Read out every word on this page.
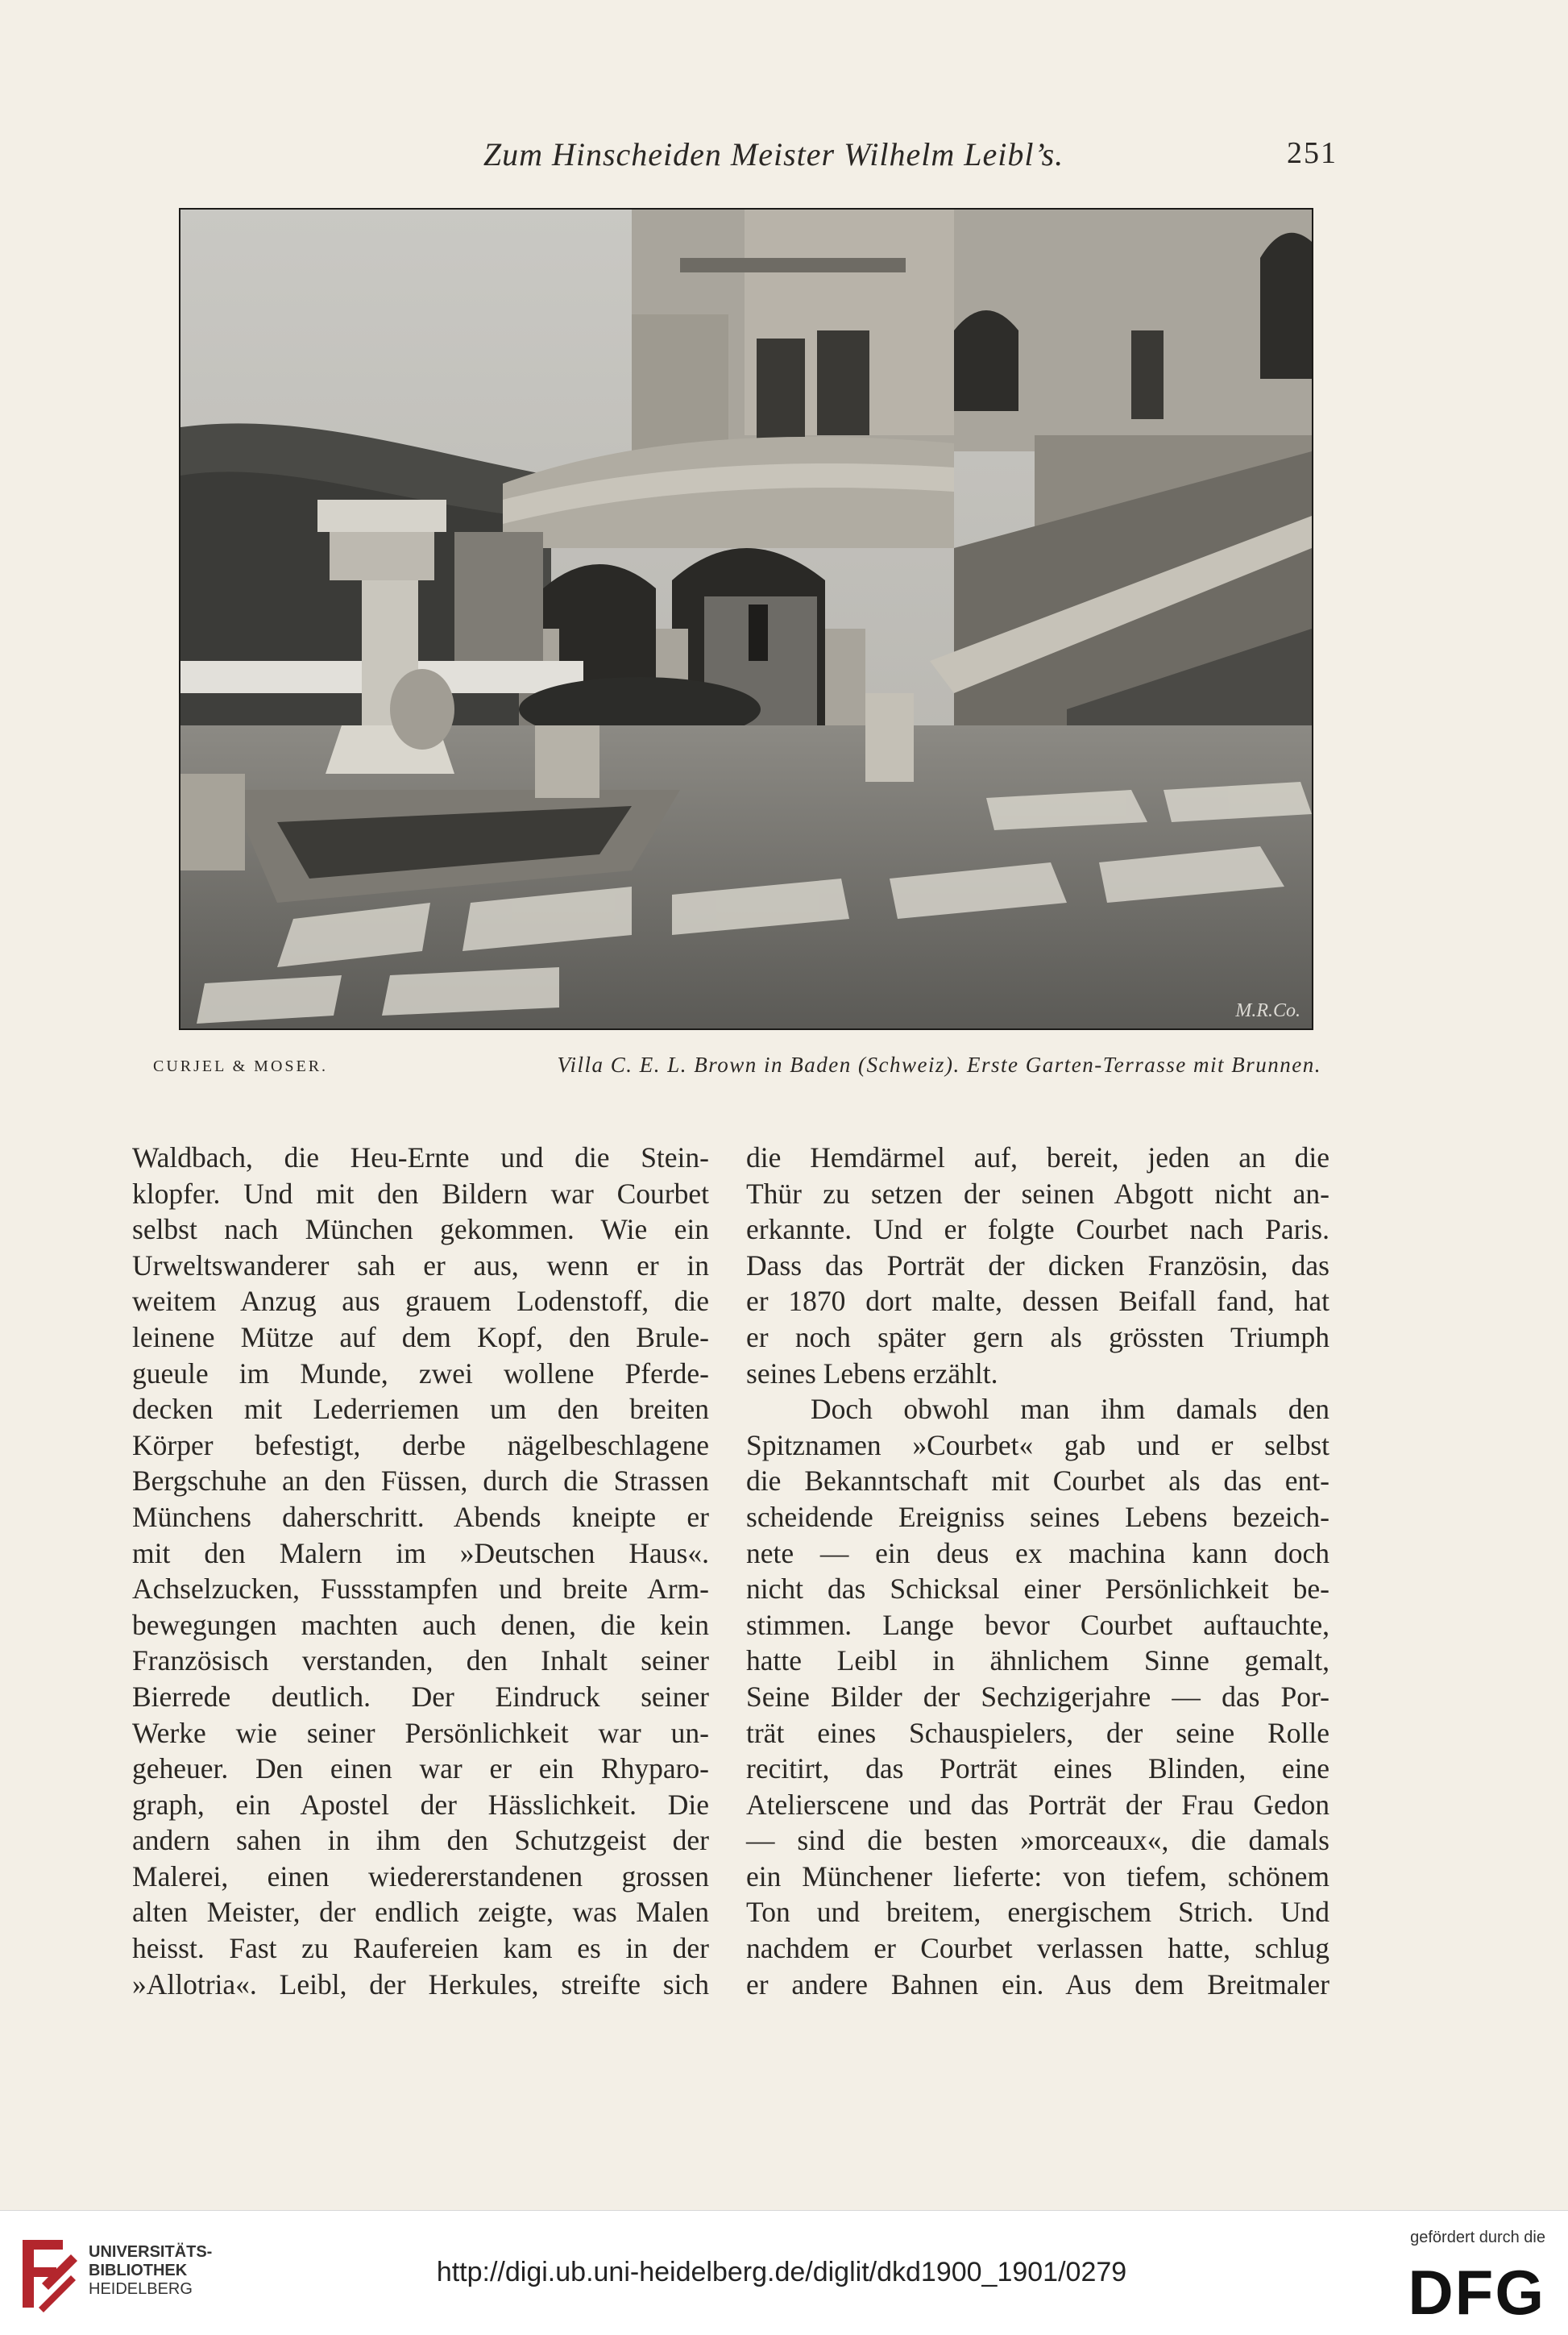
Zum Hinscheiden Meister Wilhelm Leibl’s.	251
M.R.Co.
CURJEL & MOSER.	Villa C. E. L. Brown in Baden (Schweiz). Erste Garten-Terrasse mit Brunnen.
Waldbach, die Heu-Ernte und die Stein-
klopfer. Und mit den Bildern war Courbet
selbst nach München gekommen. Wie ein
Urweltswanderer sah er aus, wenn er in
weitem Anzug aus grauem Lodenstoff, die
leinene Mütze auf dem Kopf, den Brule-
gueule im Munde, zwei wollene Pferde-
decken mit Lederriemen um den breiten
Körper befestigt, derbe nägelbeschlagene
Bergschuhe an den Füssen, durch die Strassen
Münchens daherschritt. Abends kneipte er
mit den Malern im »Deutschen Haus«.
Achselzucken, Fussstampfen und breite Arm-
bewegungen machten auch denen, die kein
Französisch verstanden, den Inhalt seiner
Bierrede deutlich. Der Eindruck seiner
Werke wie seiner Persönlichkeit war un-
geheuer. Den einen war er ein Rhyparo-
graph, ein Apostel der Hässlichkeit. Die
andern sahen in ihm den Schutzgeist der
Malerei, einen wiedererstandenen grossen
alten Meister, der endlich zeigte, was Malen
heisst. Fast zu Raufereien kam es in der
»Allotria«. Leibl, der Herkules, streifte sich
die Hemdärmel auf, bereit, jeden an die
Thür zu setzen der seinen Abgott nicht an-
erkannte. Und er folgte Courbet nach Paris.
Dass das Porträt der dicken Französin, das
er 1870 dort malte, dessen Beifall fand, hat
er noch später gern als grössten Triumph
seines Lebens erzählt.
Doch obwohl man ihm damals den
Spitznamen »Courbet« gab und er selbst
die Bekanntschaft mit Courbet als das ent-
scheidende Ereigniss seines Lebens bezeich-
nete — ein deus ex machina kann doch
nicht das Schicksal einer Persönlichkeit be-
stimmen. Lange bevor Courbet auftauchte,
hatte Leibl in ähnlichem Sinne gemalt,
Seine Bilder der Sechzigerjahre — das Por-
trät eines Schauspielers, der seine Rolle
recitirt, das Porträt eines Blinden, eine
Atelierscene und das Porträt der Frau Gedon
— sind die besten »morceaux«, die damals
ein Münchener lieferte: von tiefem, schönem
Ton und breitem, energischem Strich. Und
nachdem er Courbet verlassen hatte, schlug
er andere Bahnen ein. Aus dem Breitmaler
UNIVERSITÄTS-
BIBLIOTHEK
HEIDELBERG
http://digi.ub.uni-heidelberg.de/diglit/dkd1900_1901/0279
gefördert durch die
DFG
